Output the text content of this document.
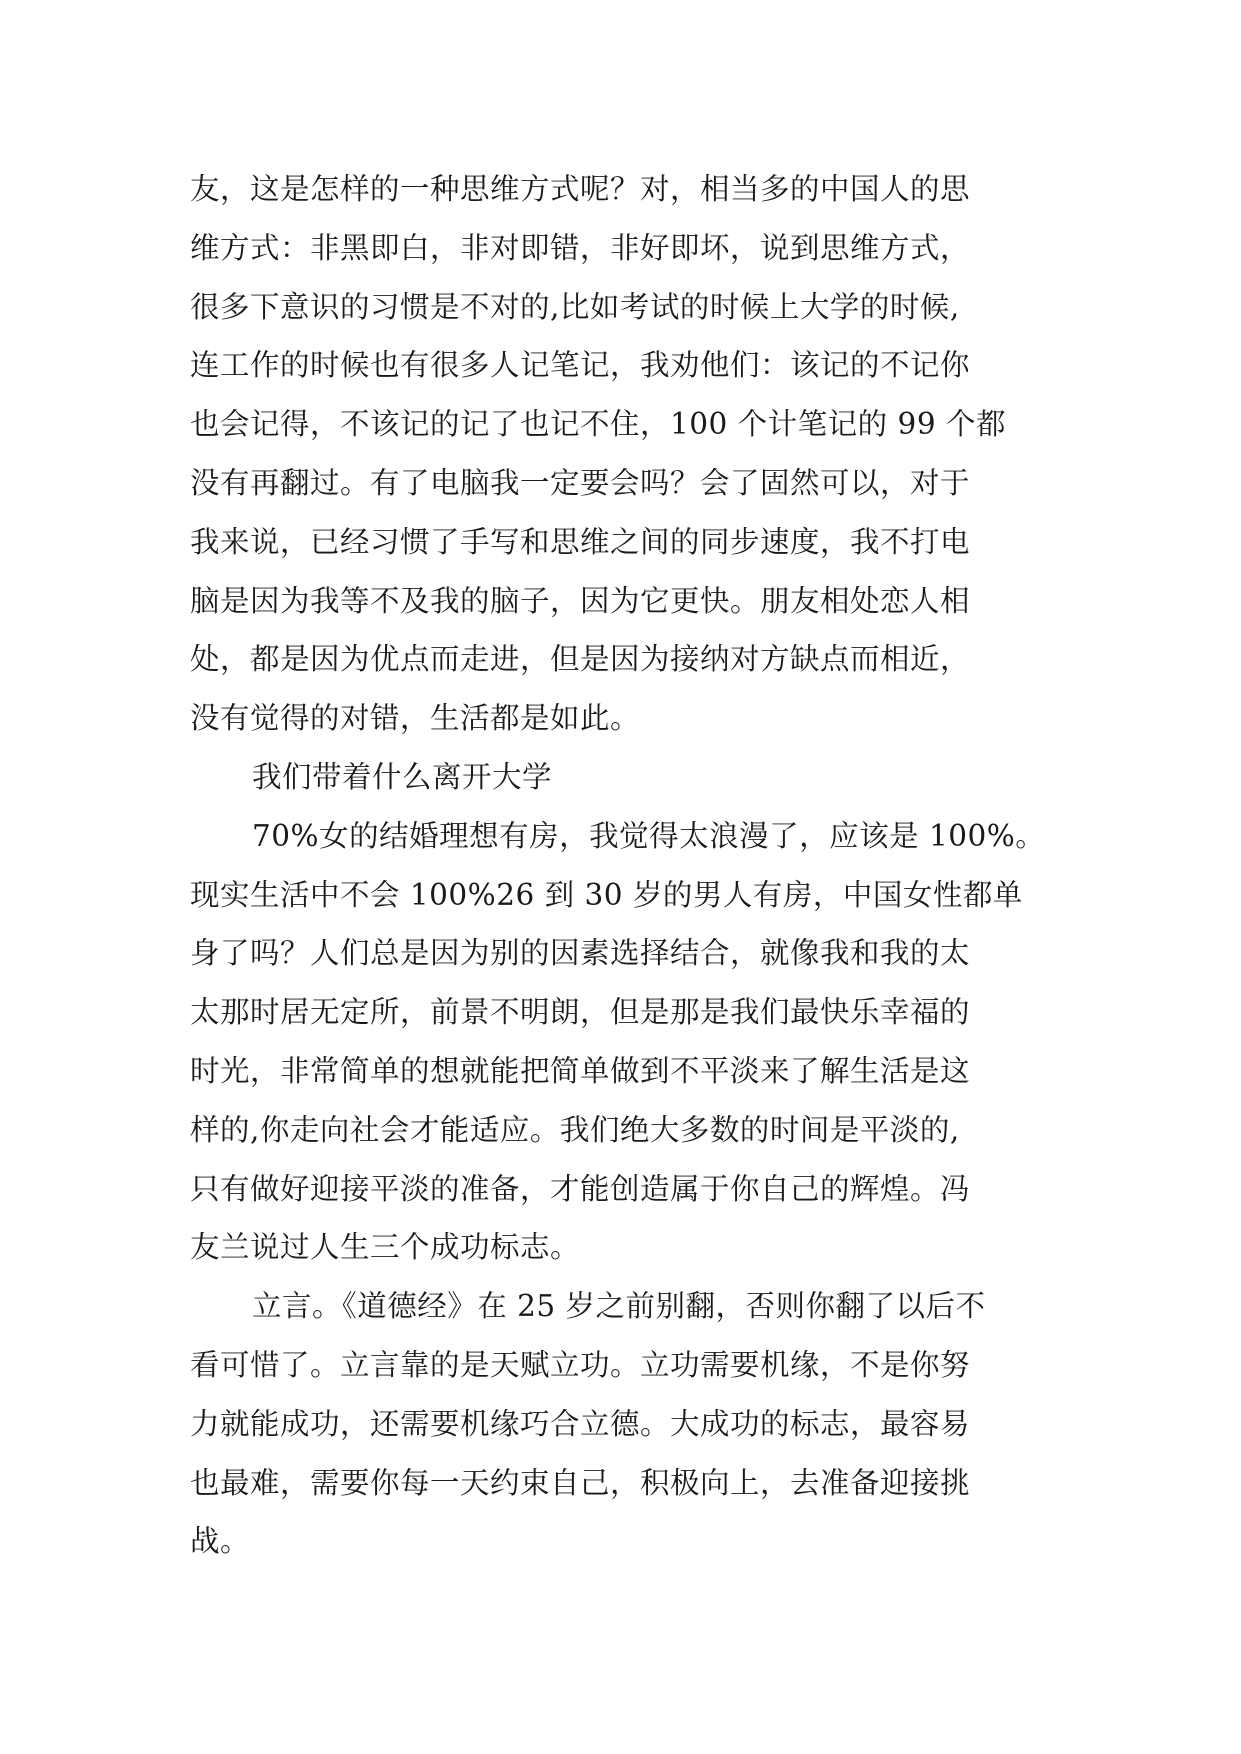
友，这是怎样的一种思维方式呢？对，相当多的中国人的思
维方式：非黑即白，非对即错，非好即坏，说到思维方式，
很多下意识的习惯是不对的,比如考试的时候上大学的时候,
连工作的时候也有很多人记笔记，我劝他们：该记的不记你
也会记得，不该记的记了也记不住，100 个计笔记的 99 个都
没有再翻过。有了电脑我一定要会吗？会了固然可以，对于
我来说，已经习惯了手写和思维之间的同步速度，我不打电
脑是因为我等不及我的脑子，因为它更快。朋友相处恋人相
处，都是因为优点而走进，但是因为接纳对方缺点而相近，
没有觉得的对错，生活都是如此。
我们带着什么离开大学
70%女的结婚理想有房，我觉得太浪漫了，应该是 100%。
现实生活中不会 100%26 到 30 岁的男人有房，中国女性都单
身了吗？人们总是因为别的因素选择结合，就像我和我的太
太那时居无定所，前景不明朗，但是那是我们最快乐幸福的
时光，非常简单的想就能把简单做到不平淡来了解生活是这
样的,你走向社会才能适应。我们绝大多数的时间是平淡的,
只有做好迎接平淡的准备，才能创造属于你自己的辉煌。冯
友兰说过人生三个成功标志。
立言。《道德经》在 25 岁之前别翻，否则你翻了以后不
看可惜了。立言靠的是天赋立功。立功需要机缘，不是你努
力就能成功，还需要机缘巧合立德。大成功的标志，最容易
也最难，需要你每一天约束自己，积极向上，去准备迎接挑
战。
